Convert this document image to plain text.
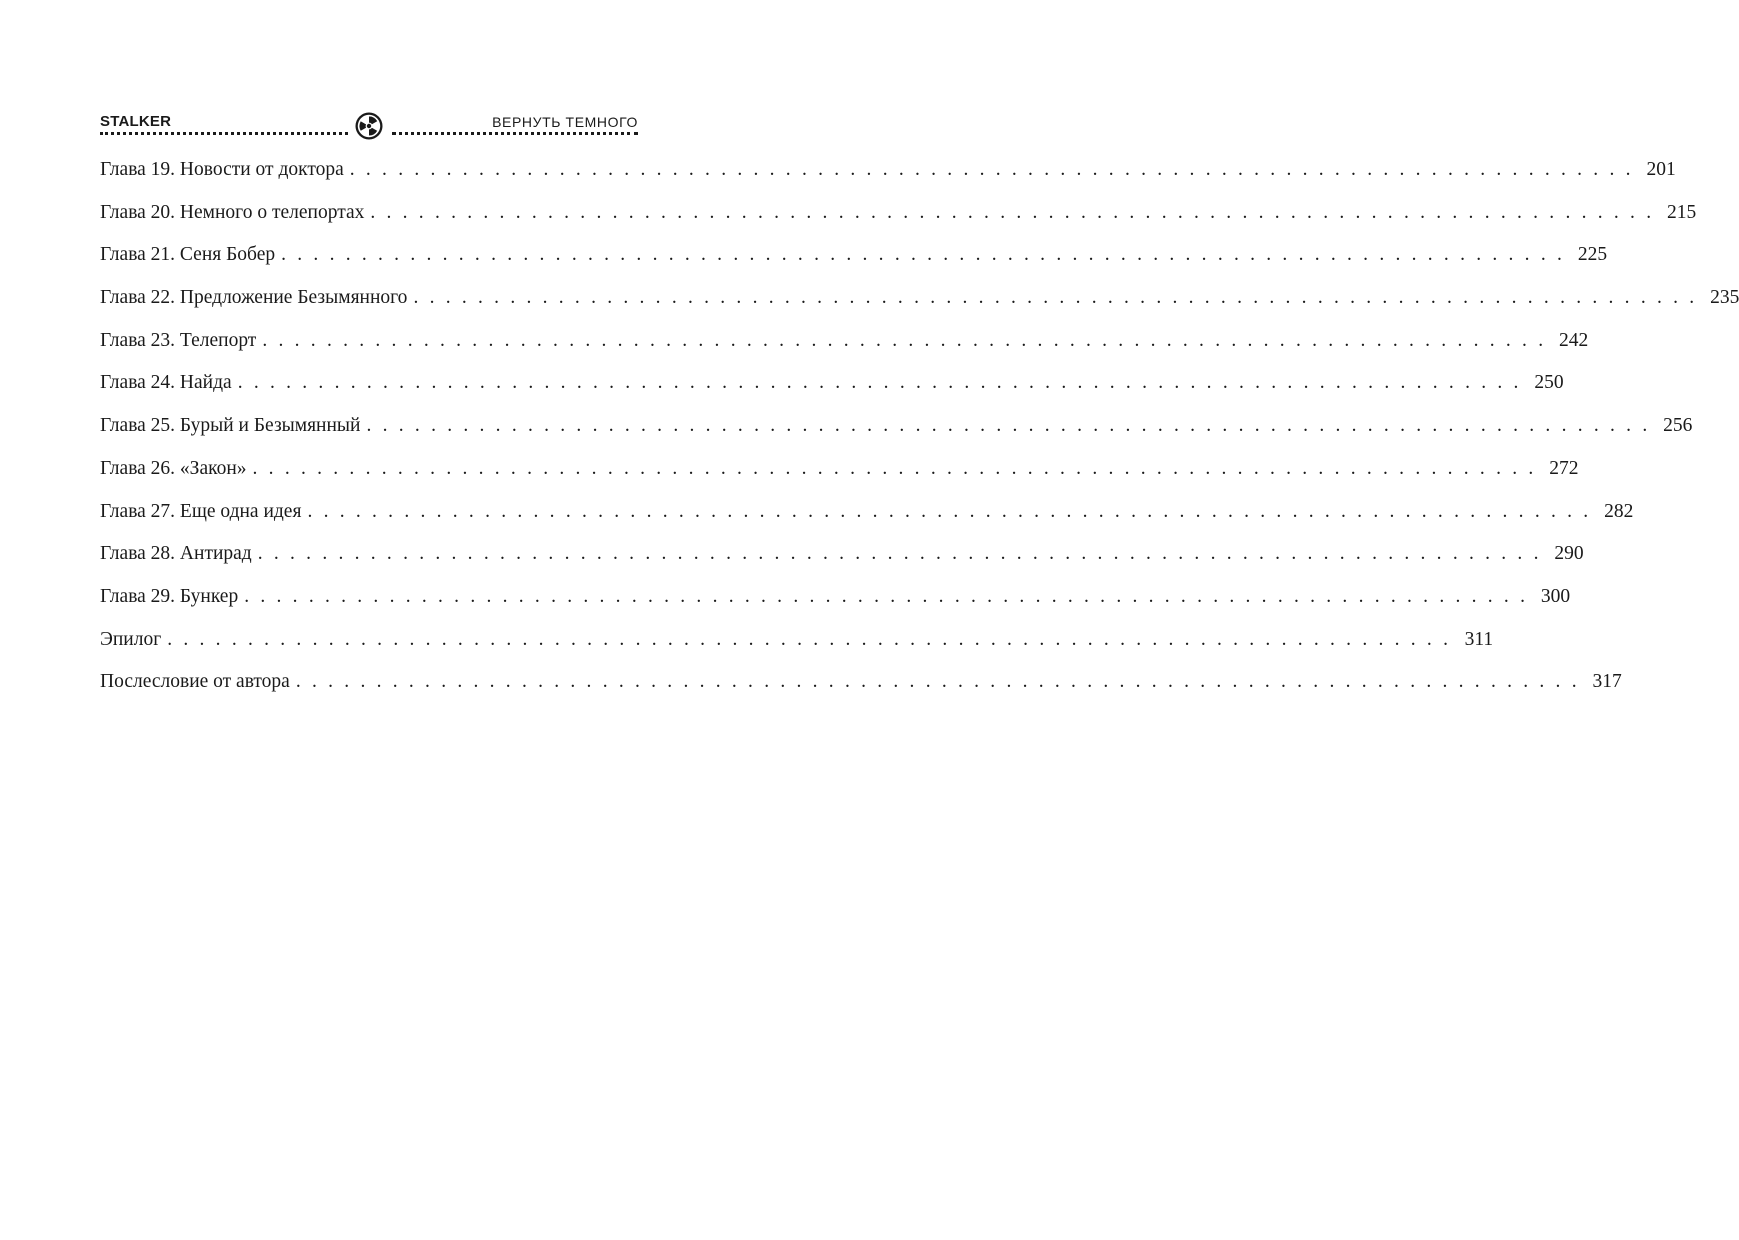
STALKER	ВЕРНУТЬ ТЕМНОГО
Глава 19. Новости от доктора . . . . . . . . . . . . . . . . . . . . . . . . . . . . . . . . . . . . . . . . . . . . . . . . . . . . . . . . . . . . . . . . . . . . . . . . . . . . . . . . 201
Глава 20. Немного о телепортах . . . . . . . . . . . . . . . . . . . . . . . . . . . . . . . . . . . . . . . . . . . . . . . . . . . . . . . . . . . . . . . . . . . . . . . . . . . . . . . . 215
Глава 21. Сеня Бобер . . . . . . . . . . . . . . . . . . . . . . . . . . . . . . . . . . . . . . . . . . . . . . . . . . . . . . . . . . . . . . . . . . . . . . . . . . . . . . . . 225
Глава 22. Предложение Безымянного . . . . . . . . . . . . . . . . . . . . . . . . . . . . . . . . . . . . . . . . . . . . . . . . . . . . . . . . . . . . . . . . . . . . . . . . . . . . . . . . 235
Глава 23. Телепорт . . . . . . . . . . . . . . . . . . . . . . . . . . . . . . . . . . . . . . . . . . . . . . . . . . . . . . . . . . . . . . . . . . . . . . . . . . . . . . . . 242
Глава 24. Найда . . . . . . . . . . . . . . . . . . . . . . . . . . . . . . . . . . . . . . . . . . . . . . . . . . . . . . . . . . . . . . . . . . . . . . . . . . . . . . . . 250
Глава 25. Бурый и Безымянный . . . . . . . . . . . . . . . . . . . . . . . . . . . . . . . . . . . . . . . . . . . . . . . . . . . . . . . . . . . . . . . . . . . . . . . . . . . . . . . . 256
Глава 26. «Закон» . . . . . . . . . . . . . . . . . . . . . . . . . . . . . . . . . . . . . . . . . . . . . . . . . . . . . . . . . . . . . . . . . . . . . . . . . . . . . . . . 272
Глава 27. Еще одна идея . . . . . . . . . . . . . . . . . . . . . . . . . . . . . . . . . . . . . . . . . . . . . . . . . . . . . . . . . . . . . . . . . . . . . . . . . . . . . . . . 282
Глава 28. Антирад . . . . . . . . . . . . . . . . . . . . . . . . . . . . . . . . . . . . . . . . . . . . . . . . . . . . . . . . . . . . . . . . . . . . . . . . . . . . . . . . 290
Глава 29. Бункер . . . . . . . . . . . . . . . . . . . . . . . . . . . . . . . . . . . . . . . . . . . . . . . . . . . . . . . . . . . . . . . . . . . . . . . . . . . . . . . . 300
Эпилог . . . . . . . . . . . . . . . . . . . . . . . . . . . . . . . . . . . . . . . . . . . . . . . . . . . . . . . . . . . . . . . . . . . . . . . . . . . . . . . . 311
Послесловие от автора . . . . . . . . . . . . . . . . . . . . . . . . . . . . . . . . . . . . . . . . . . . . . . . . . . . . . . . . . . . . . . . . . . . . . . . . . . . . . . . . 317
